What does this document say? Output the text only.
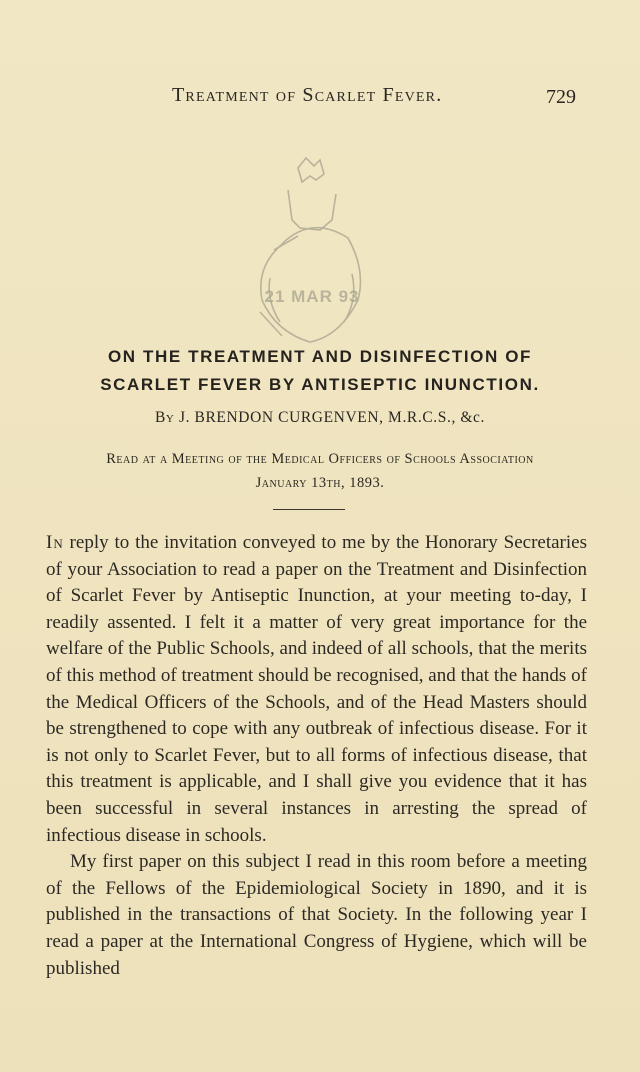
Treatment of Scarlet Fever.	729
21 MAR 93
ON THE TREATMENT AND DISINFECTION OF
SCARLET FEVER BY ANTISEPTIC INUNCTION.
By J. BRENDON CURGENVEN, M.R.C.S., &c.
Read at a Meeting of the Medical Officers of Schools Association
January 13th, 1893.

In reply to the invitation conveyed to me by the Honorary Secretaries of your Association to read a paper on the Treatment and Disinfection of Scarlet Fever by Antiseptic Inunction, at your meeting to-day, I readily assented. I felt it a matter of very great importance for the welfare of the Public Schools, and indeed of all schools, that the merits of this method of treatment should be recognised, and that the hands of the Medical Officers of the Schools, and of the Head Masters should be strengthened to cope with any outbreak of infectious disease. For it is not only to Scarlet Fever, but to all forms of infectious disease, that this treatment is applicable, and I shall give you evidence that it has been successful in several instances in arresting the spread of infectious disease in schools.

My first paper on this subject I read in this room before a meeting of the Fellows of the Epidemiological Society in 1890, and it is published in the transactions of that Society. In the following year I read a paper at the International Congress of Hygiene, which will be published
